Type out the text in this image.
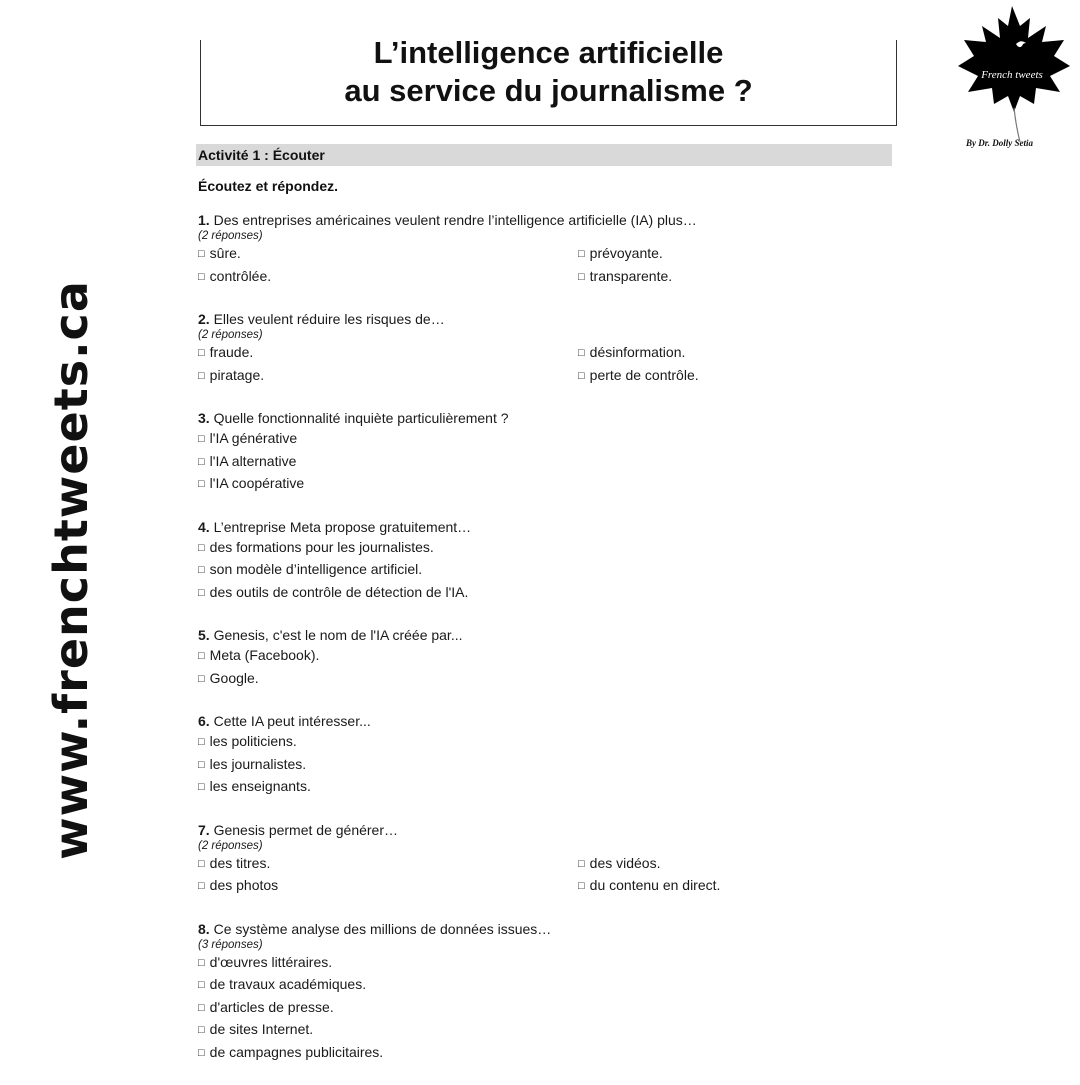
www.frenchtweets.ca
L’intelligence artificielle
au service du journalisme ?	French tweets
By Dr. Dolly Setia
Activité 1 : Écouter
Écoutez et répondez.
1. Des entreprises américaines veulent rendre l’intelligence artificielle (IA) plus…
(2 réponses)
□ sûre.	□ prévoyante.
□ contrôlée.	□ transparente.
2. Elles veulent réduire les risques de…
(2 réponses)
□ fraude.	□ désinformation.
□ piratage.	□ perte de contrôle.
3. Quelle fonctionnalité inquiète particulièrement ?
□ l'IA générative
□ l'IA alternative
□ l'IA coopérative
4. L’entreprise Meta propose gratuitement…
□ des formations pour les journalistes.
□ son modèle d’intelligence artificiel.
□ des outils de contrôle de détection de l'IA.
5. Genesis, c'est le nom de l'IA créée par...
□ Meta (Facebook).
□ Google.
6. Cette IA peut intéresser...
□ les politiciens.
□ les journalistes.
□ les enseignants.
7. Genesis permet de générer…
(2 réponses)
□ des titres.	□ des vidéos.
□ des photos	□ du contenu en direct.
8. Ce système analyse des millions de données issues…
(3 réponses)
□ d'œuvres littéraires.
□ de travaux académiques.
□ d'articles de presse.
□ de sites Internet.
□ de campagnes publicitaires.
